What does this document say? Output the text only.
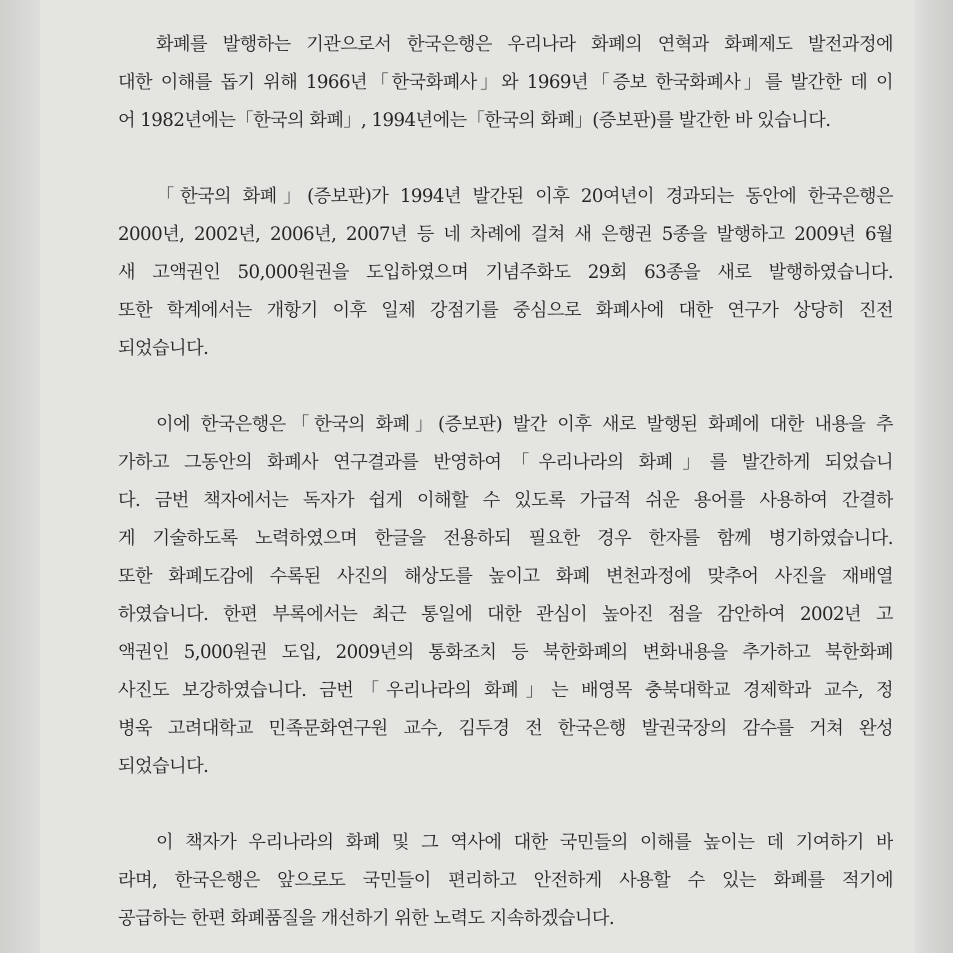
화폐를 발행하는 기관으로서 한국은행은 우리나라 화폐의 연혁과 화폐제도 발전과정에
대한 이해를 돕기 위해 1966년「한국화폐사」와 1969년「증보 한국화폐사」를 발간한 데 이
어 1982년에는「한국의 화폐」, 1994년에는「한국의 화폐」(증보판)를 발간한 바 있습니다.
「한국의 화폐」(증보판)가 1994년 발간된 이후 20여년이 경과되는 동안에 한국은행은
2000년, 2002년, 2006년, 2007년 등 네 차례에 걸쳐 새 은행권 5종을 발행하고 2009년 6월
새 고액권인 50,000원권을 도입하였으며 기념주화도 29회 63종을 새로 발행하였습니다.
또한 학계에서는 개항기 이후 일제 강점기를 중심으로 화폐사에 대한 연구가 상당히 진전
되었습니다.
이에 한국은행은「한국의 화폐」(증보판) 발간 이후 새로 발행된 화폐에 대한 내용을 추
가하고 그동안의 화폐사 연구결과를 반영하여「우리나라의 화폐」를 발간하게 되었습니
다. 금번 책자에서는 독자가 쉽게 이해할 수 있도록 가급적 쉬운 용어를 사용하여 간결하
게 기술하도록 노력하였으며 한글을 전용하되 필요한 경우 한자를 함께 병기하였습니다.
또한 화폐도감에 수록된 사진의 해상도를 높이고 화폐 변천과정에 맞추어 사진을 재배열
하였습니다. 한편 부록에서는 최근 통일에 대한 관심이 높아진 점을 감안하여 2002년 고
액권인 5,000원권 도입, 2009년의 통화조치 등 북한화폐의 변화내용을 추가하고 북한화폐
사진도 보강하였습니다. 금번「우리나라의 화폐」는 배영목 충북대학교 경제학과 교수, 정
병욱 고려대학교 민족문화연구원 교수, 김두경 전 한국은행 발권국장의 감수를 거쳐 완성
되었습니다.
이 책자가 우리나라의 화폐 및 그 역사에 대한 국민들의 이해를 높이는 데 기여하기 바
라며, 한국은행은 앞으로도 국민들이 편리하고 안전하게 사용할 수 있는 화폐를 적기에
공급하는 한편 화폐품질을 개선하기 위한 노력도 지속하겠습니다.
